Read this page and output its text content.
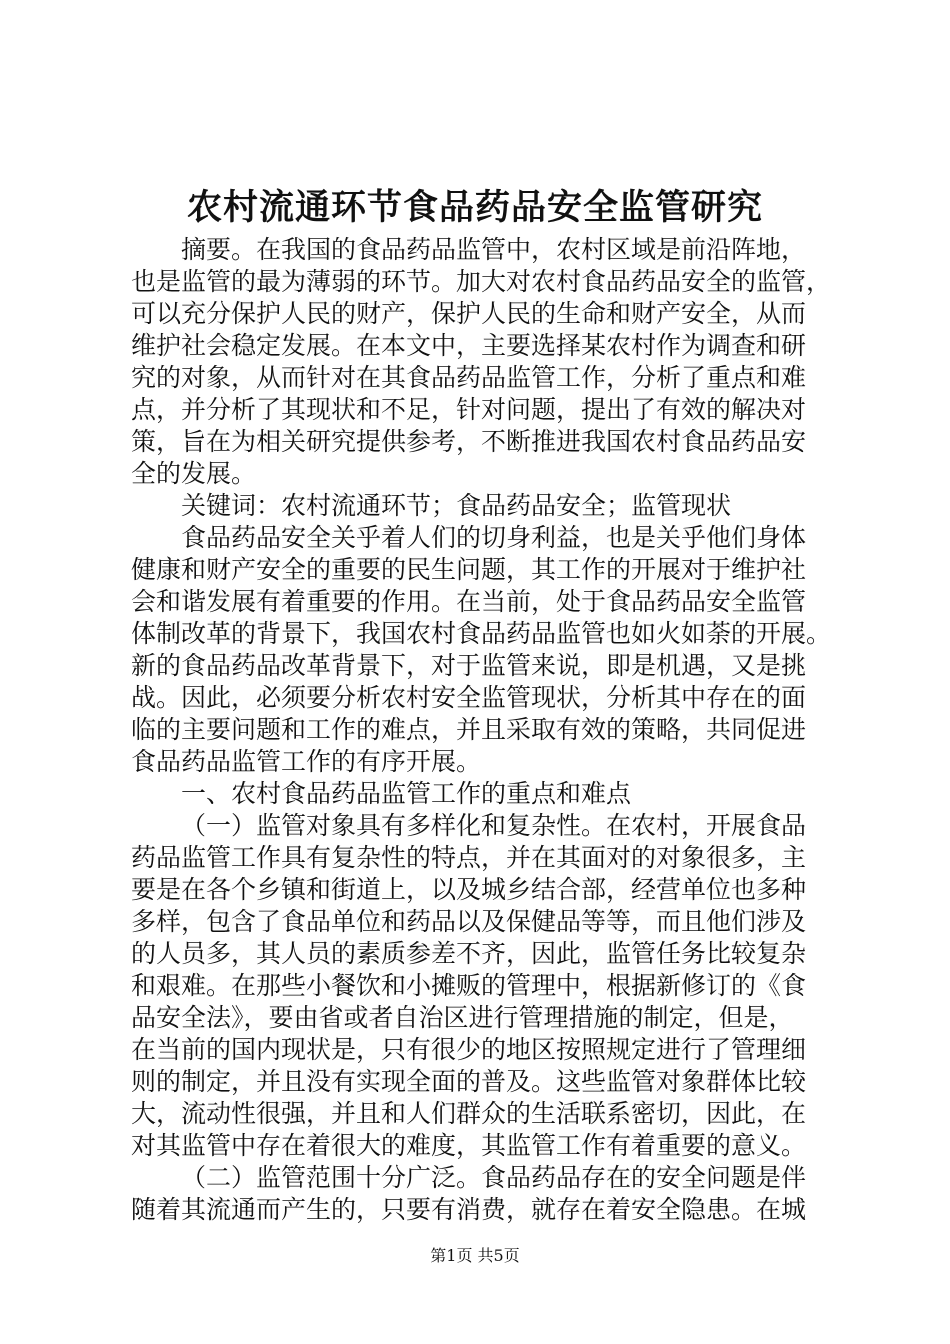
农村流通环节食品药品安全监管研究
摘要。在我国的食品药品监管中，农村区域是前沿阵地，
也是监管的最为薄弱的环节。加大对农村食品药品安全的监管，
可以充分保护人民的财产，保护人民的生命和财产安全，从而
维护社会稳定发展。在本文中，主要选择某农村作为调查和研
究的对象，从而针对在其食品药品监管工作，分析了重点和难
点，并分析了其现状和不足，针对问题，提出了有效的解决对
策，旨在为相关研究提供参考，不断推进我国农村食品药品安
全的发展。
关键词：农村流通环节；食品药品安全；监管现状
食品药品安全关乎着人们的切身利益，也是关乎他们身体
健康和财产安全的重要的民生问题，其工作的开展对于维护社
会和谐发展有着重要的作用。在当前，处于食品药品安全监管
体制改革的背景下，我国农村食品药品监管也如火如荼的开展。
新的食品药品改革背景下，对于监管来说，即是机遇，又是挑
战。因此，必须要分析农村安全监管现状，分析其中存在的面
临的主要问题和工作的难点，并且采取有效的策略，共同促进
食品药品监管工作的有序开展。
一、农村食品药品监管工作的重点和难点
（一）监管对象具有多样化和复杂性。在农村，开展食品
药品监管工作具有复杂性的特点，并在其面对的对象很多，主
要是在各个乡镇和街道上，以及城乡结合部，经营单位也多种
多样，包含了食品单位和药品以及保健品等等，而且他们涉及
的人员多，其人员的素质参差不齐，因此，监管任务比较复杂
和艰难。在那些小餐饮和小摊贩的管理中，根据新修订的《食
品安全法》，要由省或者自治区进行管理措施的制定，但是，
在当前的国内现状是，只有很少的地区按照规定进行了管理细
则的制定，并且没有实现全面的普及。这些监管对象群体比较
大，流动性很强，并且和人们群众的生活联系密切，因此，在
对其监管中存在着很大的难度，其监管工作有着重要的意义。
（二）监管范围十分广泛。食品药品存在的安全问题是伴
随着其流通而产生的，只要有消费，就存在着安全隐患。在城
第1页 共5页
